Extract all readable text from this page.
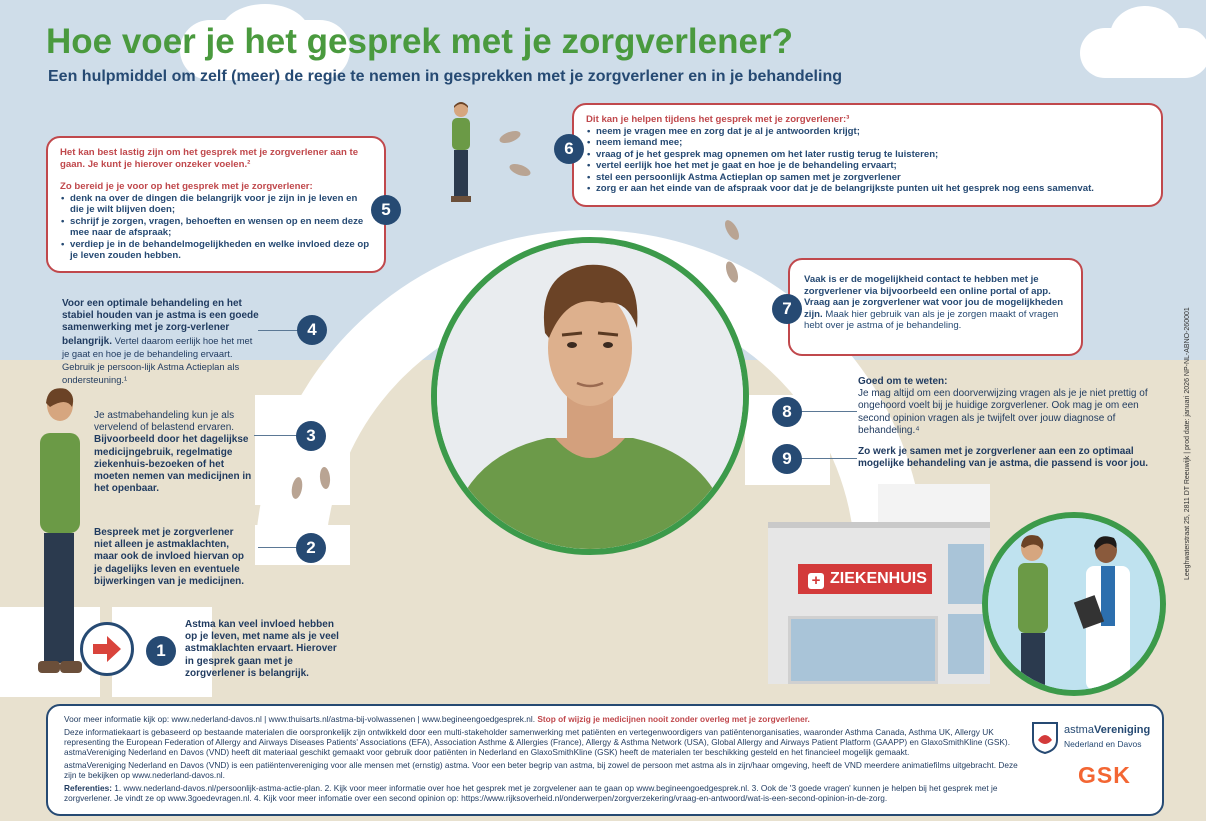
Hoe voer je het gesprek met je zorgverlener?
Een hulpmiddel om zelf (meer) de regie te nemen in gesprekken met je zorgverlener en in je behandeling
Het kan best lastig zijn om het gesprek met je zorgverlener aan te gaan. Je kunt je hierover onzeker voelen.²
Zo bereid je je voor op het gesprek met je zorgverlener:
• denk na over de dingen die belangrijk voor je zijn in je leven en die je wilt blijven doen;
• schrijf je zorgen, vragen, behoeften en wensen op en neem deze mee naar de afspraak;
• verdiep je in de behandelmogelijkheden en welke invloed deze op je leven zouden hebben.
5
Dit kan je helpen tijdens het gesprek met je zorgverlener:³
• neem je vragen mee en zorg dat je al je antwoorden krijgt;
• neem iemand mee;
• vraag of je het gesprek mag opnemen om het later rustig terug te luisteren;
• vertel eerlijk hoe het met je gaat en hoe je de behandeling ervaart;
• stel een persoonlijk Astma Actieplan op samen met je zorgverlener
• zorg er aan het einde van de afspraak voor dat je de belangrijkste punten uit het gesprek nog eens samenvat.
6
Vaak is er de mogelijkheid contact te hebben met je zorgverlener via bijvoorbeeld een online portal of app. Vraag aan je zorgverlener wat voor jou de mogelijkheden zijn. Maak hier gebruik van als je je zorgen maakt of vragen hebt over je astma of je behandeling.
7
Voor een optimale behandeling en het stabiel houden van je astma is een goede samenwerking met je zorg-verlener belangrijk. Vertel daarom eerlijk hoe het met je gaat en hoe je de behandeling ervaart. Gebruik je persoon-lijk Astma Actieplan als ondersteuning.¹
4
Je astmabehandeling kun je als vervelend of belastend ervaren. Bijvoorbeeld door het dagelijkse medicijngebruik, regelmatige ziekenhuis-bezoeken of het moeten nemen van medicijnen in het openbaar.
3
Bespreek met je zorgverlener niet alleen je astmaklachten, maar ook de invloed hiervan op je dagelijks leven en eventuele bijwerkingen van je medicijnen.
2
Astma kan veel invloed hebben op je leven, met name als je veel astmaklachten ervaart. Hierover in gesprek gaan met je zorgverlener is belangrijk.
1
Goed om te weten:
Je mag altijd om een doorverwijzing vragen als je je niet prettig of ongehoord voelt bij je huidige zorgverlener. Ook mag je om een second opinion vragen als je twijfelt over jouw diagnose of behandeling.⁴
8
Zo werk je samen met je zorgverlener aan een zo optimaal mogelijke behandeling van je astma, die passend is voor jou.
9
+ ZIEKENHUIS	Leeghwaterstraat 25, 2811 DT Reeuwijk | prod date: januari 2026 NP-NL-ABNO-260001

Voor meer informatie kijk op: www.nederland-davos.nl | www.thuisarts.nl/astma-bij-volwassenen | www.begineengoedgesprek.nl. Stop of wijzig je medicijnen nooit zonder overleg met je zorgverlener.

Deze informatiekaart is gebaseerd op bestaande materialen die oorspronkelijk zijn ontwikkeld door een multi-stakeholder samenwerking met patiënten en vertegenwoordigers van patiëntenorganisaties, waaronder Asthma Canada, Asthma UK, Allergy UK representing the European Federation of Allergy and Airways Diseases Patients' Associations (EFA), Association Asthme & Allergies (France), Allergy & Asthma Network (USA), Global Allergy and Airways Patient Platform (GAAPP) en GlaxoSmithKline (GSK). astmaVereniging Nederland en Davos (VND) heeft dit materiaal geschikt gemaakt voor gebruik door patiënten in Nederland en GlaxoSmithKline (GSK) heeft de materialen ter beschikking gesteld en het financieel mogelijk gemaakt.

astmaVereniging Nederland en Davos (VND) is een patiëntenvereniging voor alle mensen met (ernstig) astma. Voor een beter begrip van astma, bij zowel de persoon met astma als in zijn/haar omgeving, heeft de VND meerdere animatiefilms uitgebracht. Deze zijn te bekijken op www.nederland-davos.nl.

Referenties: 1. www.nederland-davos.nl/persoonlijk-astma-actie-plan. 2. Kijk voor meer informatie over hoe het gesprek met je zorgvelener aan te gaan op www.begineengoedgesprek.nl. 3. Ook de '3 goede vragen' kunnen je helpen bij het gesprek met je zorgverlener. Je vindt ze op www.3goedevragen.nl. 4. Kijk voor meer infomatie over een second opinion op: https://www.rijksoverheid.nl/onderwerpen/zorgverzekering/vraag-en-antwoord/wat-is-een-second-opinion-in-de-zorg.

astmaVereniging
Nederland en Davos
GSK
